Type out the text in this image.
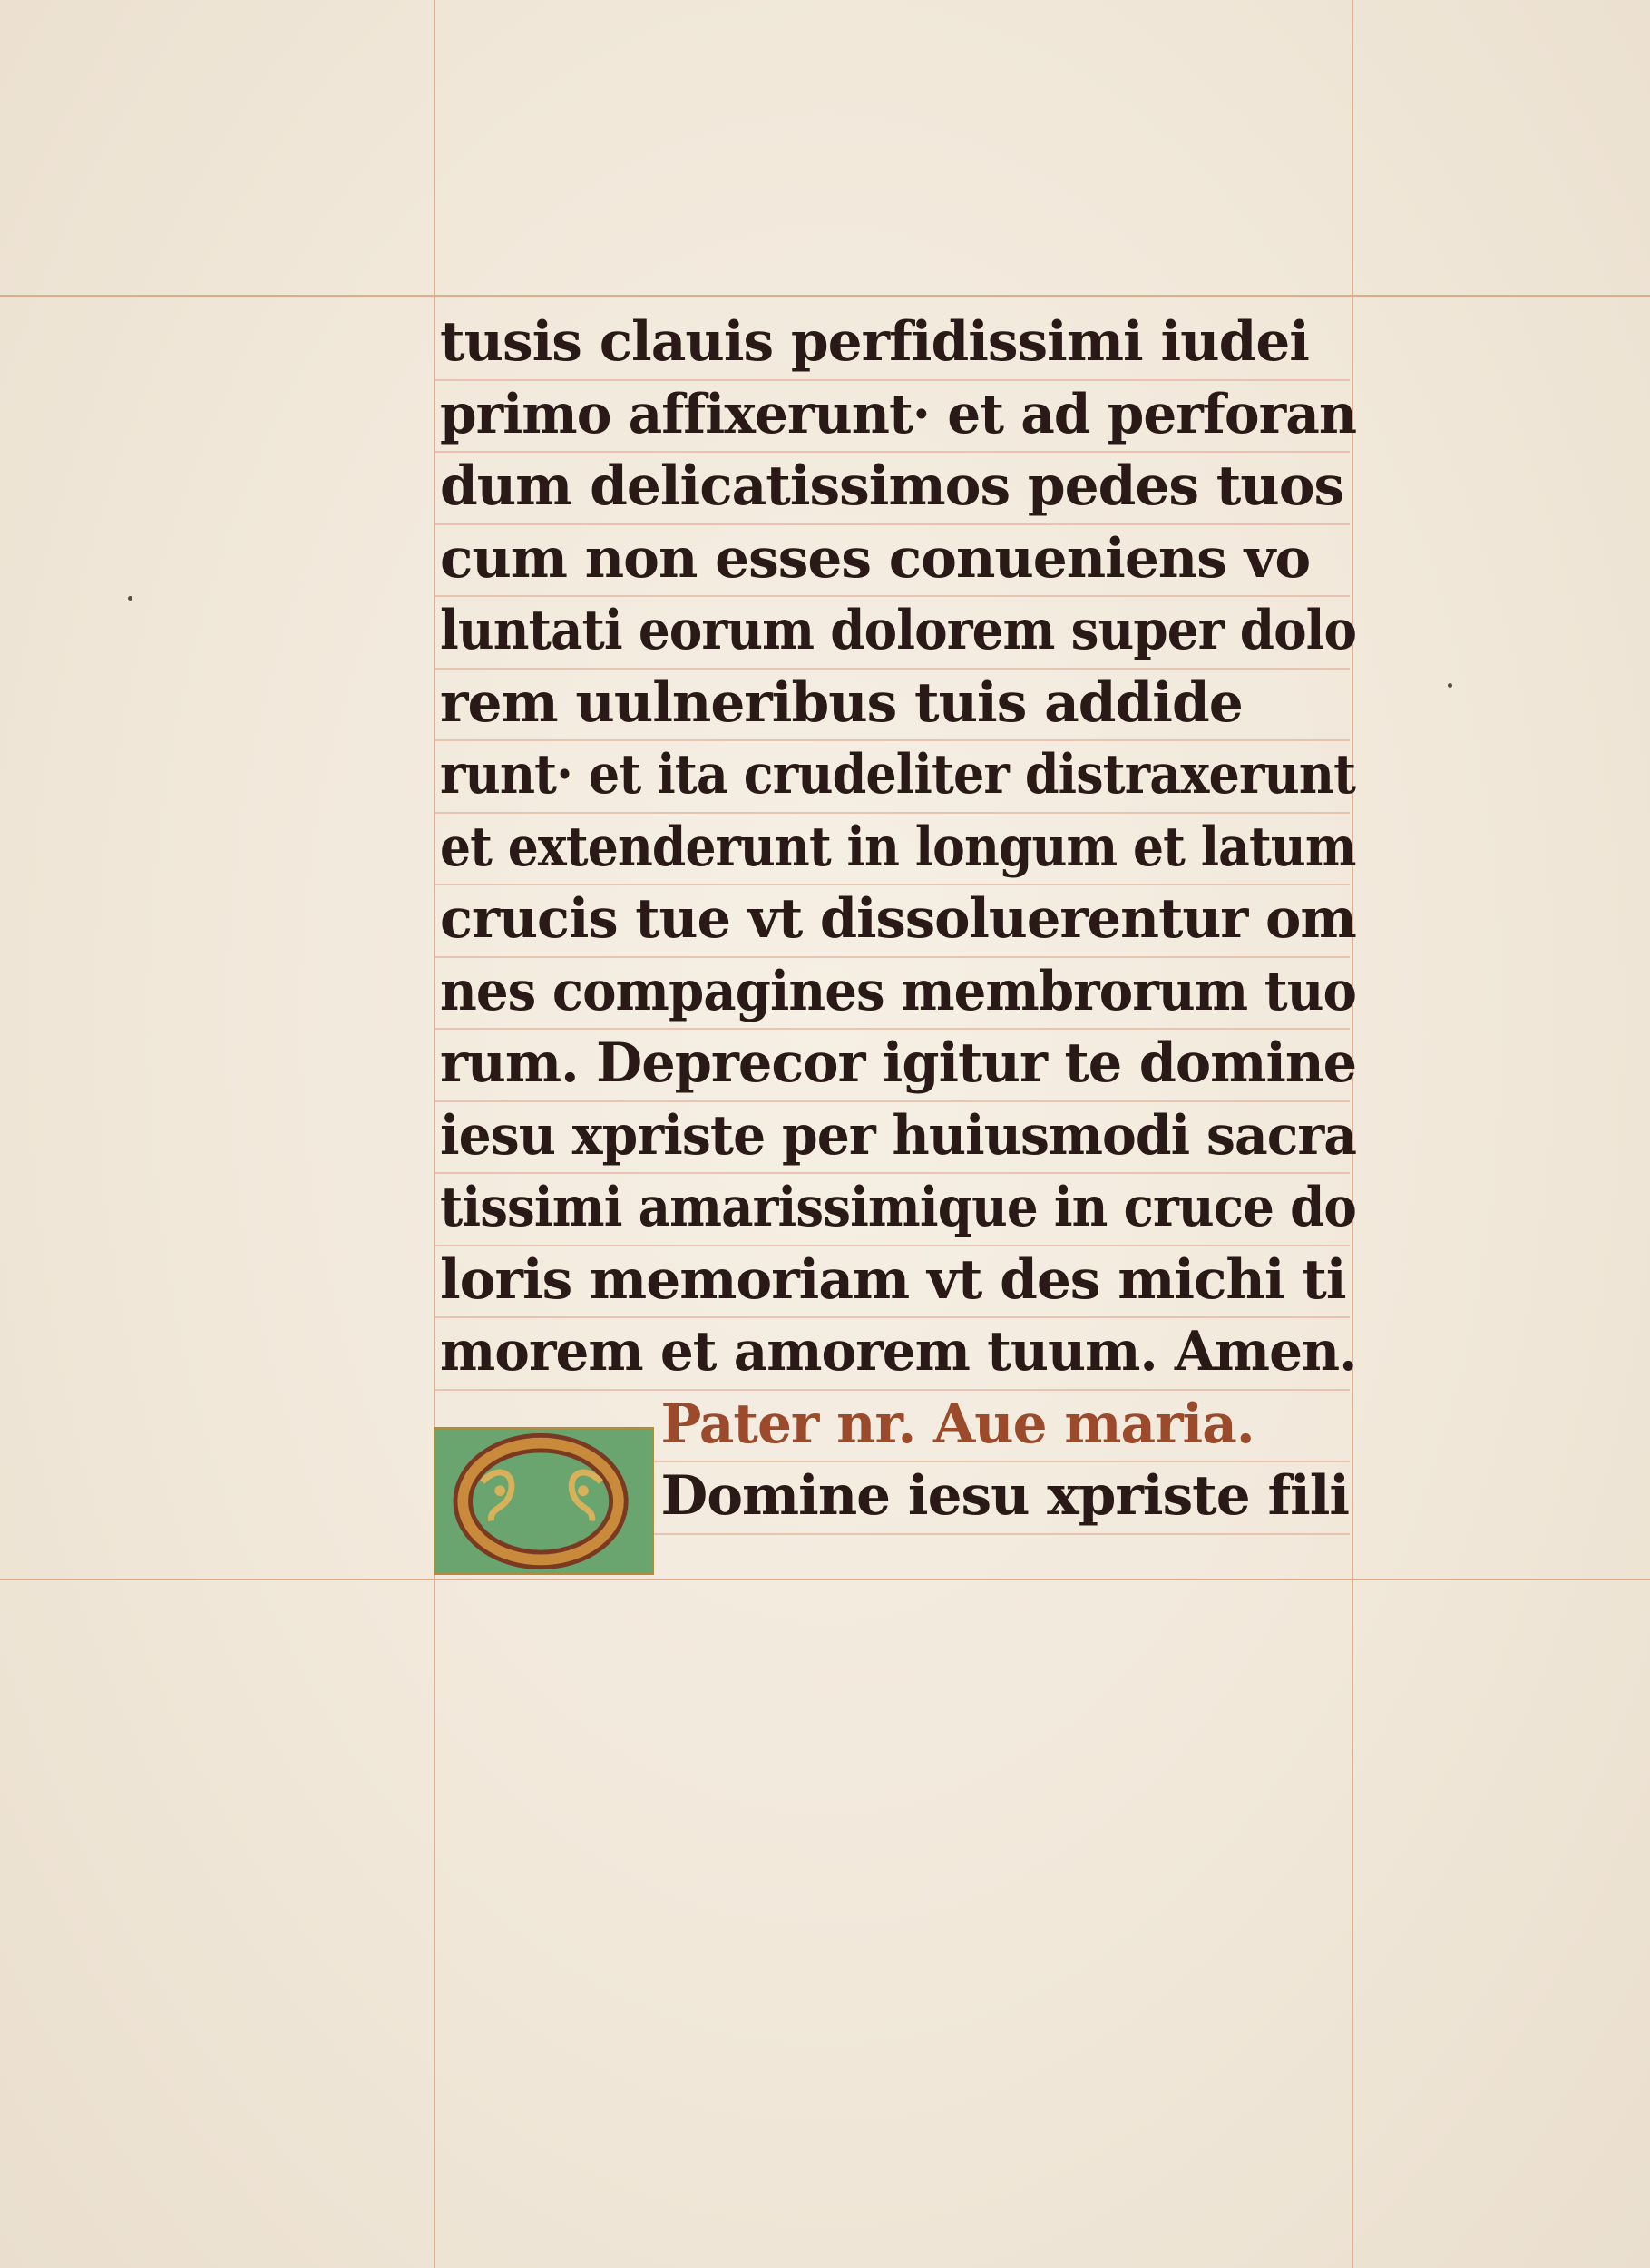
tusis clauis perfidissimi iudei
primo affixerunt· et ad perforan
dum delicatissimos pedes tuos
cum non esses conueniens vo
luntati eorum dolorem super dolo
rem uulneribus tuis addide
runt· et ita crudeliter distraxerunt
et extenderunt in longum et latum
crucis tue vt dissoluerentur om
nes compagines membrorum tuo
rum. Deprecor igitur te domine
iesu xpriste per huiusmodi sacra
tissimi amarissimique in cruce do
loris memoriam vt des michi ti
morem et amorem tuum. Amen.
Pater nr. Aue maria.
Domine iesu xpriste fili
